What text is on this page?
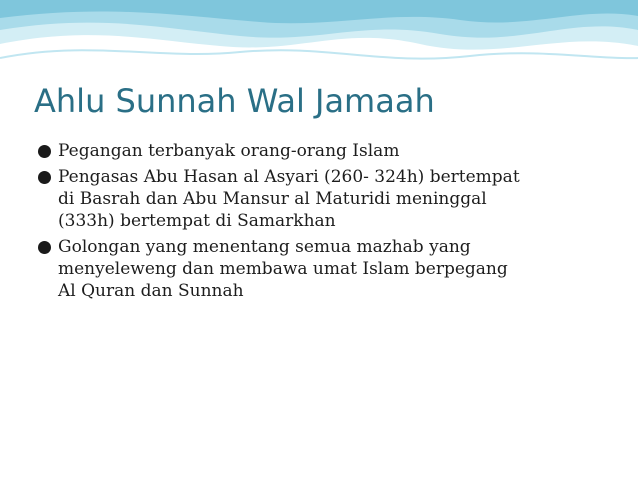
Ahlu Sunnah Wal Jamaah
Pegangan terbanyak orang-orang Islam
Pengasas Abu Hasan al Asyari (260- 324h) bertempat
di Basrah dan Abu Mansur al Maturidi meninggal
(333h) bertempat di Samarkhan
Golongan yang menentang semua mazhab yang
menyeleweng dan membawa umat Islam berpegang
Al Quran dan Sunnah
